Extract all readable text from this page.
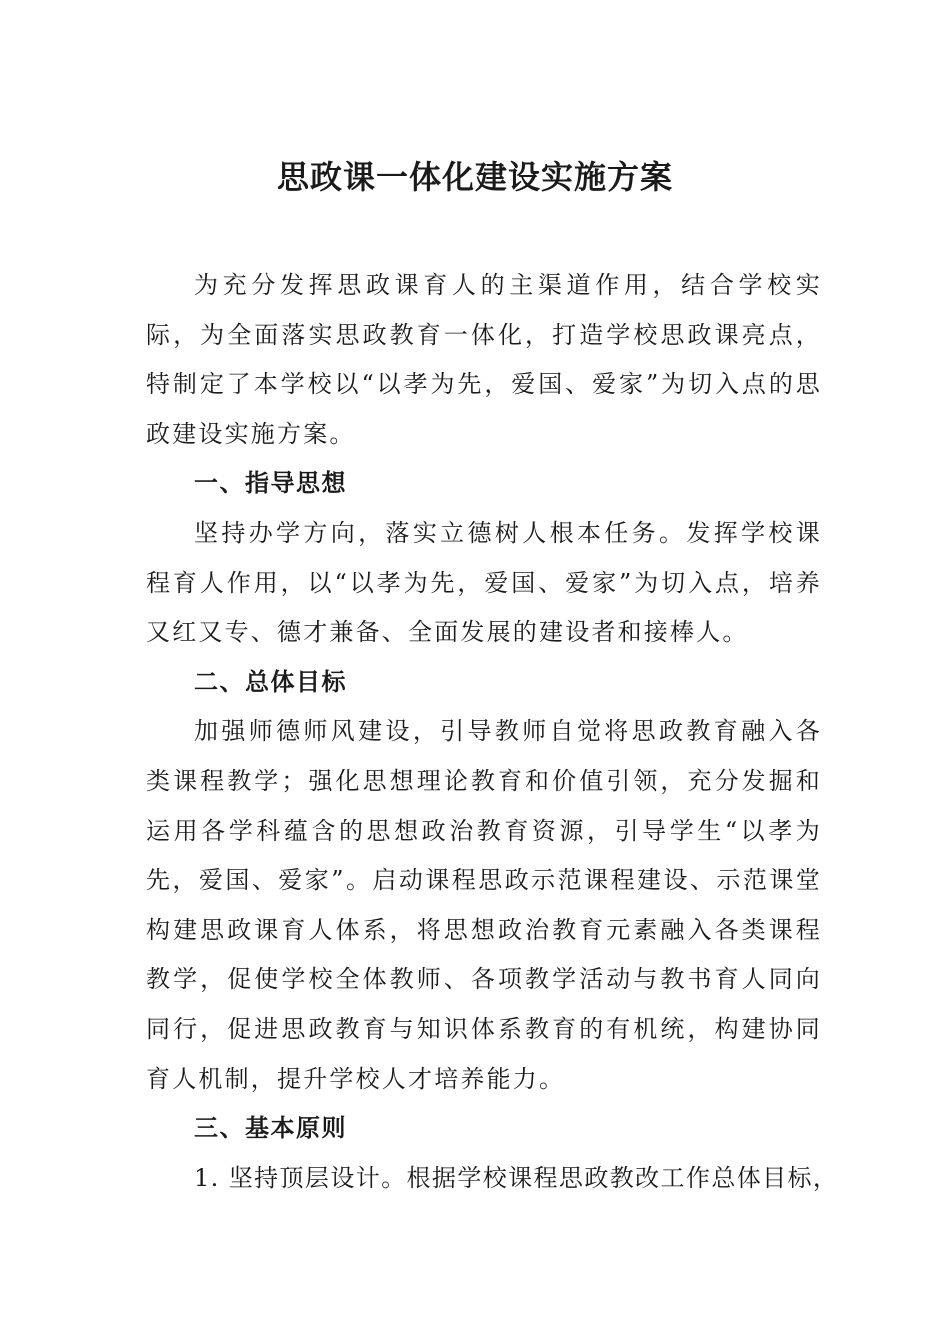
思政课一体化建设实施方案

为充分发挥思政课育人的主渠道作用，结合学校实际，为全面落实思政教育一体化，打造学校思政课亮点，特制定了本学校以“以孝为先，爱国、爱家”为切入点的思政建设实施方案。

一、指导思想

坚持办学方向，落实立德树人根本任务。发挥学校课程育人作用，以“以孝为先，爱国、爱家”为切入点，培养又红又专、德才兼备、全面发展的建设者和接棒人。

二、总体目标

加强师德师风建设，引导教师自觉将思政教育融入各类课程教学；强化思想理论教育和价值引领，充分发掘和运用各学科蕴含的思想政治教育资源，引导学生“以孝为先，爱国、爱家”。启动课程思政示范课程建设、示范课堂构建思政课育人体系，将思想政治教育元素融入各类课程教学，促使学校全体教师、各项教学活动与教书育人同向同行，促进思政教育与知识体系教育的有机统，构建协同育人机制，提升学校人才培养能力。

三、基本原则

1. 坚持顶层设计。根据学校课程思政教改工作总体目标，
